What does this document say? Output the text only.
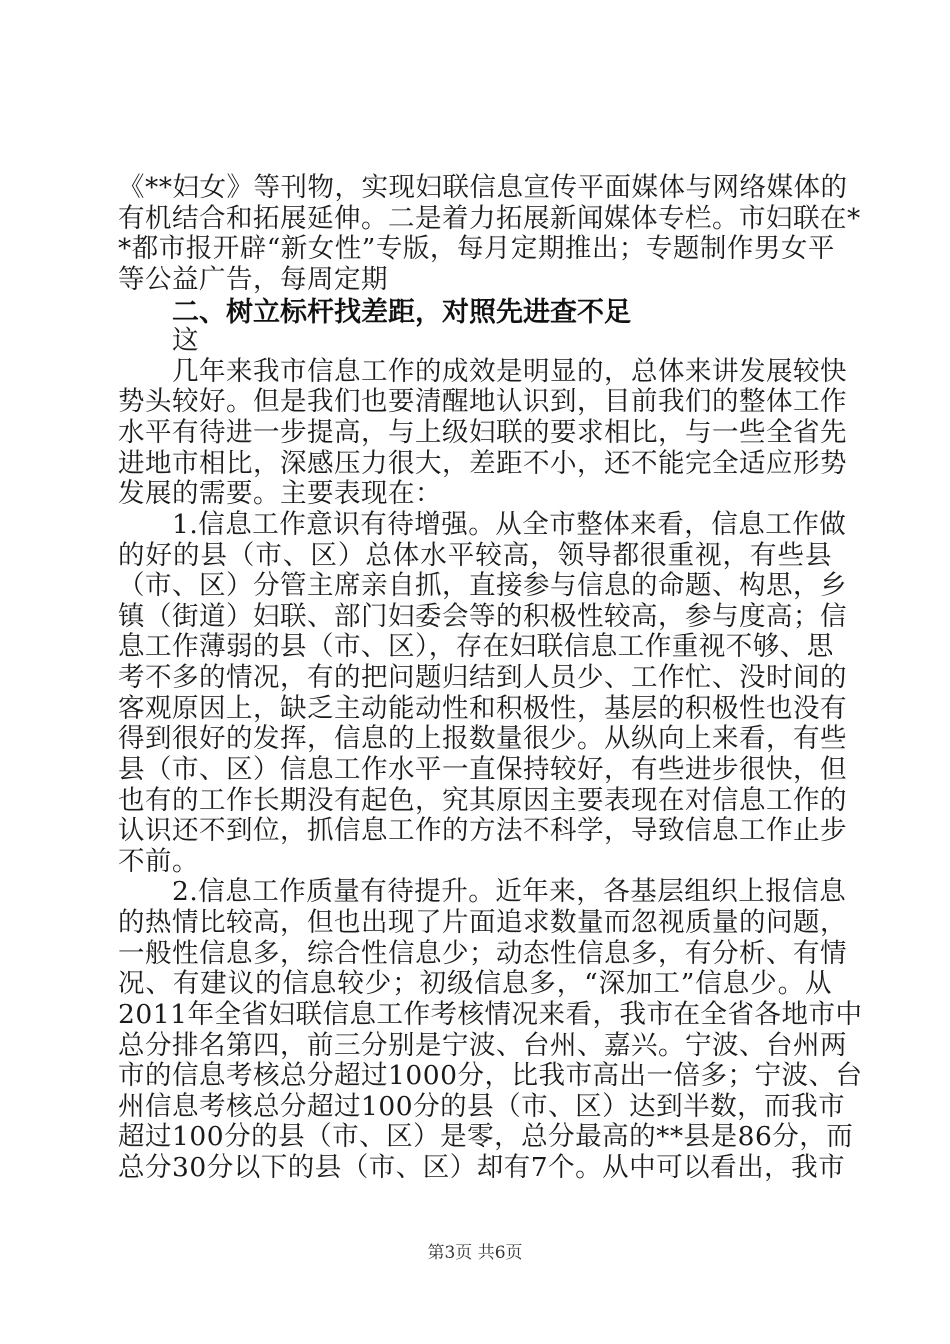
《**妇女》等刊物，实现妇联信息宣传平面媒体与网络媒体的
有机结合和拓展延伸。二是着力拓展新闻媒体专栏。市妇联在*
*都市报开辟“新女性”专版，每月定期推出；专题制作男女平
等公益广告，每周定期
二、树立标杆找差距，对照先进查不足
这
几年来我市信息工作的成效是明显的，总体来讲发展较快
势头较好。但是我们也要清醒地认识到，目前我们的整体工作
水平有待进一步提高，与上级妇联的要求相比，与一些全省先
进地市相比，深感压力很大，差距不小，还不能完全适应形势
发展的需要。主要表现在：
1.信息工作意识有待增强。从全市整体来看，信息工作做
的好的县（市、区）总体水平较高，领导都很重视，有些县
（市、区）分管主席亲自抓，直接参与信息的命题、构思，乡
镇（街道）妇联、部门妇委会等的积极性较高，参与度高；信
息工作薄弱的县（市、区），存在妇联信息工作重视不够、思
考不多的情况，有的把问题归结到人员少、工作忙、没时间的
客观原因上，缺乏主动能动性和积极性，基层的积极性也没有
得到很好的发挥，信息的上报数量很少。从纵向上来看，有些
县（市、区）信息工作水平一直保持较好，有些进步很快，但
也有的工作长期没有起色，究其原因主要表现在对信息工作的
认识还不到位，抓信息工作的方法不科学，导致信息工作止步
不前。
2.信息工作质量有待提升。近年来，各基层组织上报信息
的热情比较高，但也出现了片面追求数量而忽视质量的问题，
一般性信息多，综合性信息少；动态性信息多，有分析、有情
况、有建议的信息较少；初级信息多，“深加工”信息少。从
2011年全省妇联信息工作考核情况来看，我市在全省各地市中
总分排名第四，前三分别是宁波、台州、嘉兴。宁波、台州两
市的信息考核总分超过1000分，比我市高出一倍多；宁波、台
州信息考核总分超过100分的县（市、区）达到半数，而我市
超过100分的县（市、区）是零，总分最高的**县是86分，而
总分30分以下的县（市、区）却有7个。从中可以看出，我市
第3页 共6页
